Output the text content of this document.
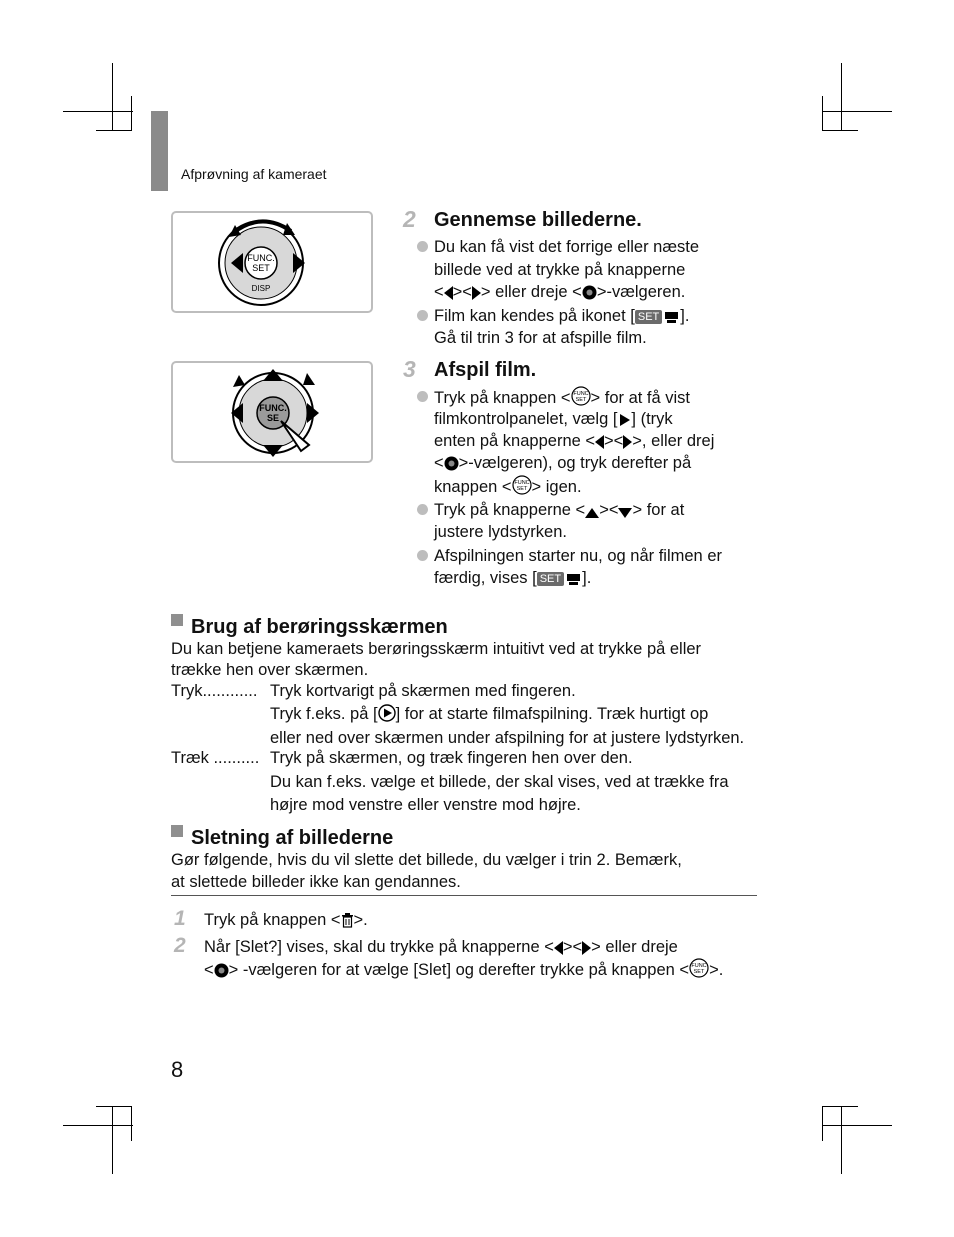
Afprøvning af kameraet
FUNC.
SET
DISP
FUNC.
SE
2 Gennemse billederne.
Du kan få vist det forrige eller næste
billede ved at trykke på knapperne
< >< > eller dreje < >-vælgeren.
Film kan kendes på ikonet [ SET ].
Gå til trin 3 for at afspille film.
3 Afspil film.
Tryk på knappen < FUNC
SET > for at få vist
filmkontrolpanelet, vælg [ ] (tryk
enten på knapperne < >< >, eller drej
< >-vælgeren), og tryk derefter på
knappen < FUNC
SET > igen.
Tryk på knapperne < >< > for at
justere lydstyrken.
Afspilningen starter nu, og når filmen er
færdig, vises [ SET ].
Brug af berøringsskærmen
Du kan betjene kameraets berøringsskærm intuitivt ved at trykke på eller
trække hen over skærmen.
Tryk............ Tryk kortvarigt på skærmen med fingeren.
Tryk f.eks. på [ ] for at starte filmafspilning. Træk hurtigt op
eller ned over skærmen under afspilning for at justere lydstyrken.
Træk .......... Tryk på skærmen, og træk fingeren hen over den.
Du kan f.eks. vælge et billede, der skal vises, ved at trække fra
højre mod venstre eller venstre mod højre.
Sletning af billederne
Gør følgende, hvis du vil slette det billede, du vælger i trin 2. Bemærk,
at slettede billeder ikke kan gendannes.
1 Tryk på knappen < >.
2 Når [Slet?] vises, skal du trykke på knapperne < >< > eller dreje
< > -vælgeren for at vælge [Slet] og derefter trykke på knappen < FUNC
SET >.
8
